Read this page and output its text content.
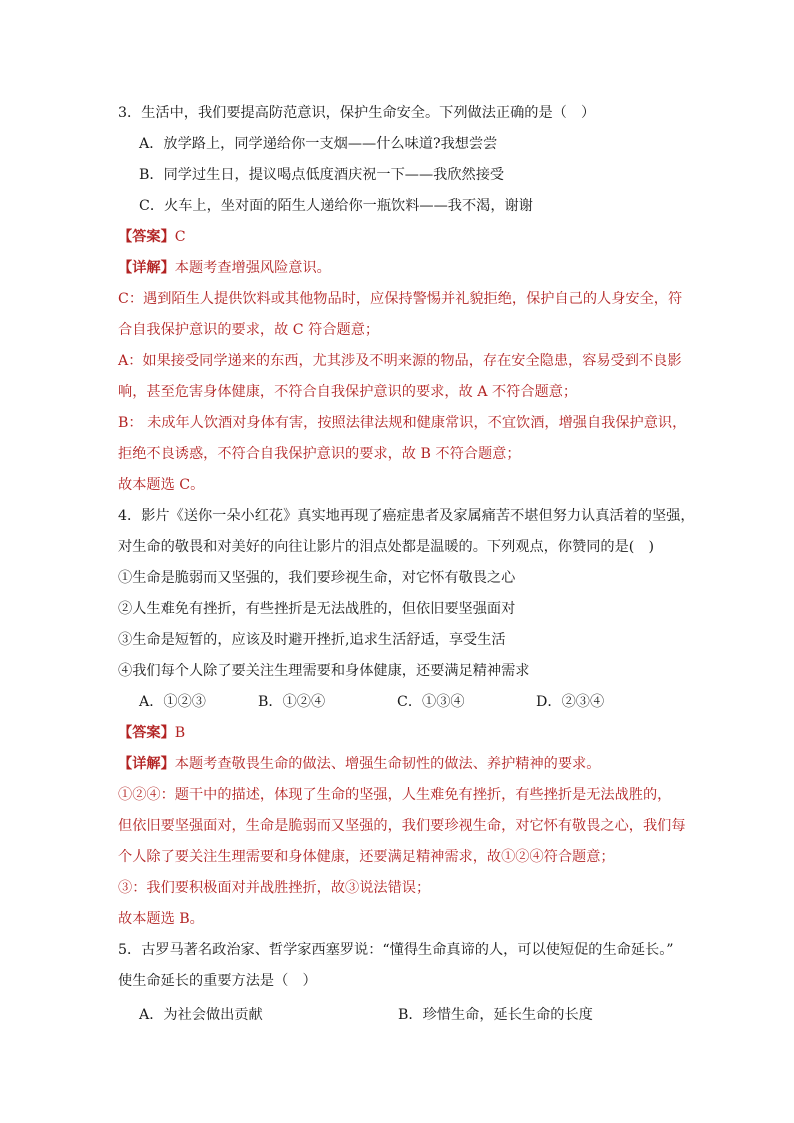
3．生活中，我们要提高防范意识，保护生命安全。下列做法正确的是（　）
A．放学路上，同学递给你一支烟——什么味道?我想尝尝
B．同学过生日，提议喝点低度酒庆祝一下——我欣然接受
C．火车上，坐对面的陌生人递给你一瓶饮料——我不渴，谢谢
【答案】C
【详解】本题考查增强风险意识。
C：遇到陌生人提供饮料或其他物品时，应保持警惕并礼貌拒绝，保护自己的人身安全，符
合自我保护意识的要求，故 C 符合题意；
A：如果接受同学递来的东西，尤其涉及不明来源的物品，存在安全隐患，容易受到不良影
响，甚至危害身体健康，不符合自我保护意识的要求，故 A 不符合题意；
B： 未成年人饮酒对身体有害，按照法律法规和健康常识，不宜饮酒，增强自我保护意识，
拒绝不良诱惑，不符合自我保护意识的要求，故 B 不符合题意；
故本题选 C。
4．影片《送你一朵小红花》真实地再现了癌症患者及家属痛苦不堪但努力认真活着的坚强，
对生命的敬畏和对美好的向往让影片的泪点处都是温暖的。下列观点，你赞同的是(　)
①生命是脆弱而又坚强的，我们要珍视生命，对它怀有敬畏之心
②人生难免有挫折，有些挫折是无法战胜的，但依旧要坚强面对
③生命是短暂的，应该及时避开挫折,追求生活舒适，享受生活
④我们每个人除了要关注生理需要和身体健康，还要满足精神需求
A．①②③	B．①②④	C．①③④	D．②③④
【答案】B
【详解】本题考查敬畏生命的做法、增强生命韧性的做法、养护精神的要求。
①②④：题干中的描述，体现了生命的坚强，人生难免有挫折，有些挫折是无法战胜的，
但依旧要坚强面对，生命是脆弱而又坚强的，我们要珍视生命，对它怀有敬畏之心，我们每
个人除了要关注生理需要和身体健康，还要满足精神需求，故①②④符合题意；
③：我们要积极面对并战胜挫折，故③说法错误；
故本题选 B。
5．古罗马著名政治家、哲学家西塞罗说：“懂得生命真谛的人，可以使短促的生命延长。”
使生命延长的重要方法是（　）
A．为社会做出贡献	B．珍惜生命，延长生命的长度
